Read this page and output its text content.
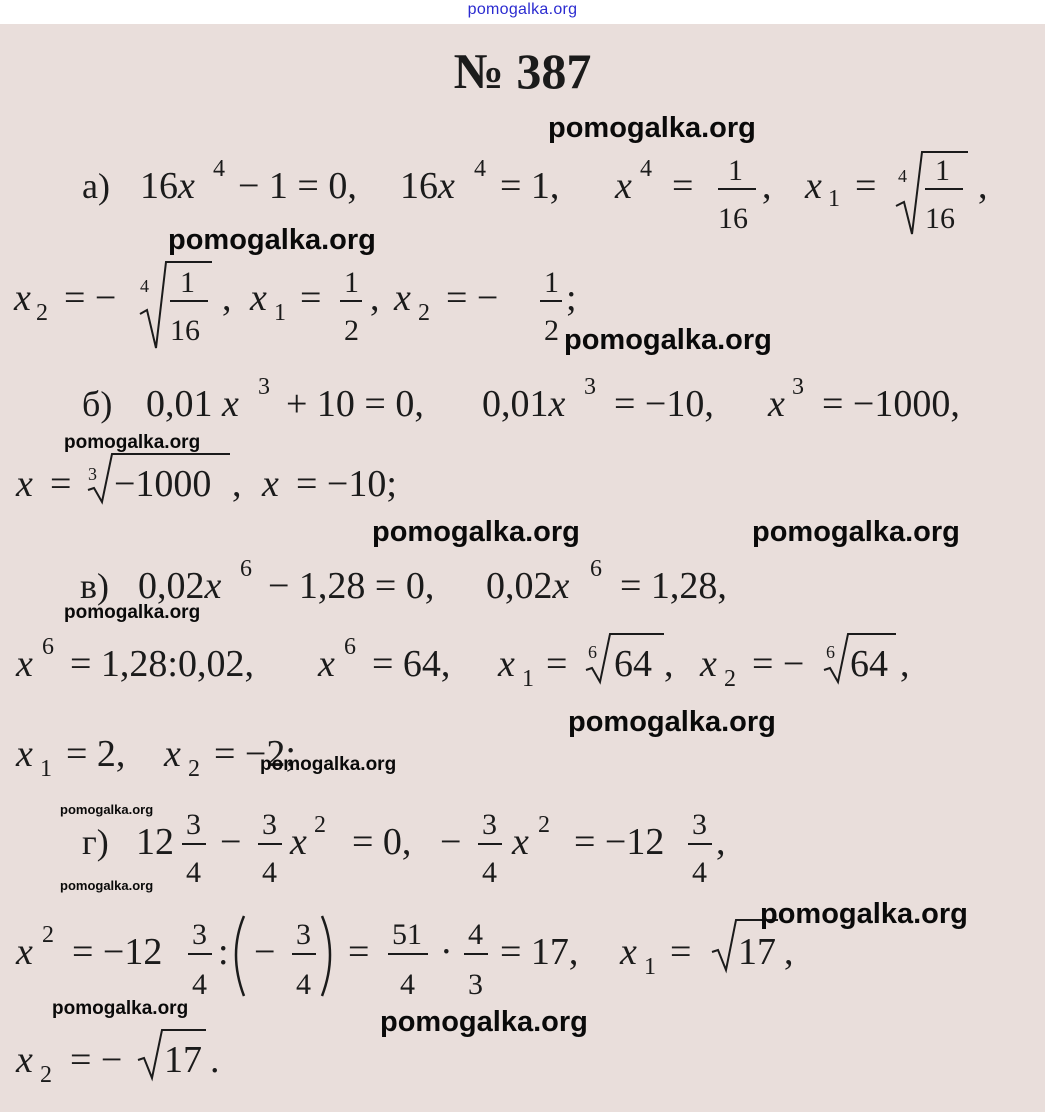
pomogalka.org
№ 387
а) 16x 4 − 1 = 0, 16x 4 = 1, x 4 = 1
16
, x 1 = 4 1
16
,
x 2 = − 4 1
16
, x 1 = 1
2
, x 2 = − 1
2
;
б) 0,01 x 3 + 10 = 0, 0,01x 3 = −10, x 3 = −1000,
x = 3 −1000 , x = −10;
в) 0,02x 6 − 1,28 = 0, 0,02x 6 = 1,28,
x 6 = 1,28:0,02, x 6 = 64, x 1 = 6 64 , x 2 = − 6 64 ,
x 1 = 2, x 2 = −2;
г) 12 3
4
− 3
4
x 2 = 0, − 3
4
x 2 = −12 3
4
,
x 2 = −12 3
4
: − 3
4
= 51
4
· 4
3
= 17, x 1 = 17 ,
x 2 = − 17 .
pomogalka.org
pomogalka.org
pomogalka.org
pomogalka.org
pomogalka.org	pomogalka.org
pomogalka.org
pomogalka.org
pomogalka.org
pomogalka.org
pomogalka.org
pomogalka.org
pomogalka.org	pomogalka.org
